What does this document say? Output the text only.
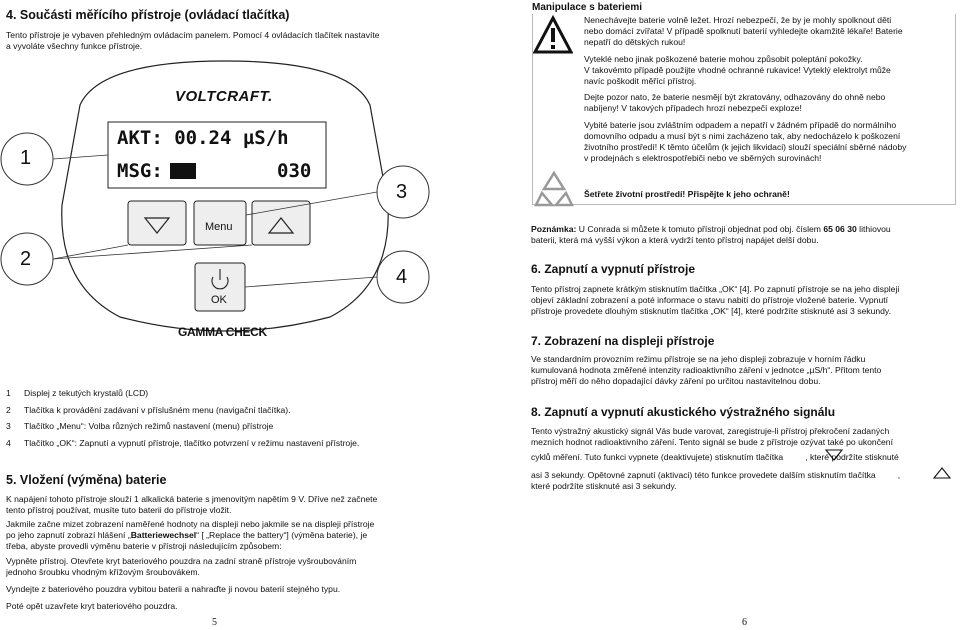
4. Součásti měřícího přístroje (ovládací tlačítka)

Tento přístroje je vybaven přehledným ovládacím panelem. Pomocí 4 ovládacích tlačítek nastavíte

a vyvoláte všechny funkce přístroje.

VOLTCRAFT.
AKT: 00.24 µS/h
MSG:	030
Menu
OK
GAMMA CHECK
1
2
3
4
1	Displej z tekutých krystalů (LCD)
2	Tlačítka k provádění zadávaní v příslušném menu (navigační tlačítka).
3	Tlačítko „Menu“: Volba různých režimů nastavení (menu) přístroje
4	Tlačítko „OK“: Zapnutí a vypnutí přístroje, tlačítko potvrzení v režimu nastavení přístroje.
5. Vložení (výměna) baterie

K napájení tohoto přístroje slouží 1 alkalická baterie s jmenovitým napětím 9 V. Dříve než začnete

tento přístroj používat, musíte tuto baterii do přístroje vložit.

Jakmile začne mizet zobrazení naměřené hodnoty na displeji nebo jakmile se na displeji přístroje

po jeho zapnutí zobrazí hlášení „Batteriewechsel“ [ „Replace the battery“] (výměna baterie), je

třeba, abyste provedli výměnu baterie v přístroji následujícím způsobem:

Vypněte přístroj. Otevřete kryt bateriového pouzdra na zadní straně přístroje vyšroubováním

jednoho šroubku vhodným křížovým šroubovákem.

Vyndejte z bateriového pouzdra vybitou baterii a nahraďte ji novou baterií stejného typu.

Poté opět uzavřete kryt bateriového pouzdra.

5
Manipulace s bateriemi

Nenechávejte baterie volně ležet. Hrozí nebezpečí, že by je mohly spolknout děti

nebo domácí zvířata! V případě spolknutí baterií vyhledejte okamžitě lékaře! Baterie

nepatří do dětských rukou!

Vyteklé nebo jinak poškozené baterie mohou způsobit poleptání pokožky.

V takovémto případě použijte vhodné ochranné rukavice! Vyteklý elektrolyt může

navíc poškodit měřící přístroj.

Dejte pozor nato, že baterie nesmějí být zkratovány, odhazovány do ohně nebo

nabíjeny! V takových případech hrozí nebezpečí exploze!

Vybité baterie jsou zvláštním odpadem a nepatří v žádném případě do normálního

domovního odpadu a musí být s nimi zacházeno tak, aby nedocházelo k poškození

životního prostředí! K těmto účelům (k jejich likvidaci) slouží speciální sběrné nádoby

v prodejnách s elektrospotřebiči nebo ve sběrných surovinách!

Šetřete životní prostředí! Přispějte k jeho ochraně!

Poznámka: U Conrada si můžete k tomuto přístroji objednat pod obj. číslem 65 06 30 lithiovou

baterii, která má vyšší výkon a která vydrží tento přístroj napájet delší dobu.

6. Zapnutí a vypnutí přístroje

Tento přístroj zapnete krátkým stisknutím tlačítka „OK“ [4]. Po zapnutí přístroje se na jeho displeji

objeví základní zobrazení a poté informace o stavu nabití do přístroje vložené baterie. Vypnutí

přístroje provedete dlouhým stisknutím tlačítka „OK“ [4], které podržíte stisknuté asi 3 sekundy.

7. Zobrazení na displeji přístroje

Ve standardním provozním režimu přístroje se na jeho displeji zobrazuje v horním řádku

kumulovaná hodnota změřené intenzity radioaktivního záření v jednotce „µS/h“. Přitom tento

přístroj měří do něho dopadající dávky záření po určitou nastavitelnou dobu.

8. Zapnutí a vypnutí akustického výstražného signálu

Tento výstražný akustický signál Vás bude varovat, zaregistruje-li přístroj překročení zadaných

mezních hodnot radioaktivního záření. Tento signál se bude z přístroje ozývat také po ukončení

cyklů měření. Tuto funkci vypnete (deaktivujete) stisknutím tlačítka	, které podržíte stisknuté

asi 3 sekundy. Opětovné zapnutí (aktivaci) této funkce provedete dalším stisknutím tlačítka	,

které podržíte stisknuté asi 3 sekundy.

6
